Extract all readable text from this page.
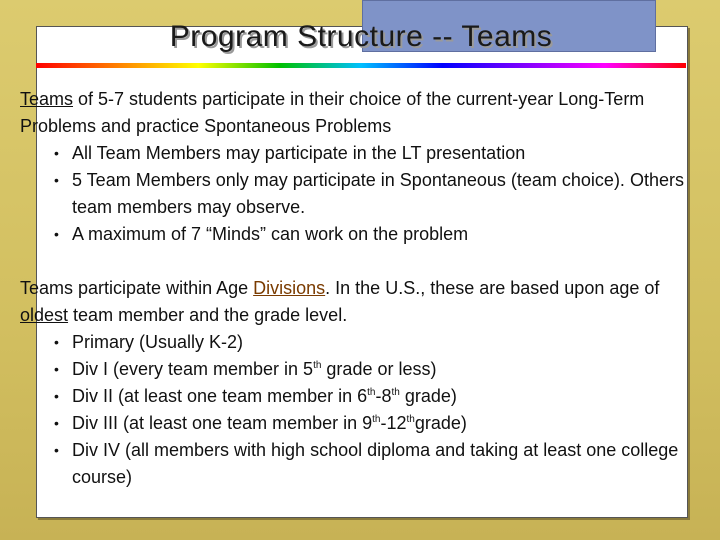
Program Structure -- Teams

Teams of 5-7 students participate in their choice of the current-year Long-Term Problems and practice Spontaneous Problems

• All Team Members may participate in the LT presentation
• 5 Team Members only may participate in Spontaneous (team choice). Others team members may observe.
• A maximum of 7 “Minds” can work on the problem

Teams participate within Age Divisions. In the U.S., these are based upon age of oldest team member and the grade level.

• Primary (Usually K-2)
• Div I (every team member in 5th grade or less)
• Div II (at least one team member in 6th-8th grade)
• Div III (at least one team member in 9th-12thgrade)
• Div IV (all members with high school diploma and taking at least one college course)
